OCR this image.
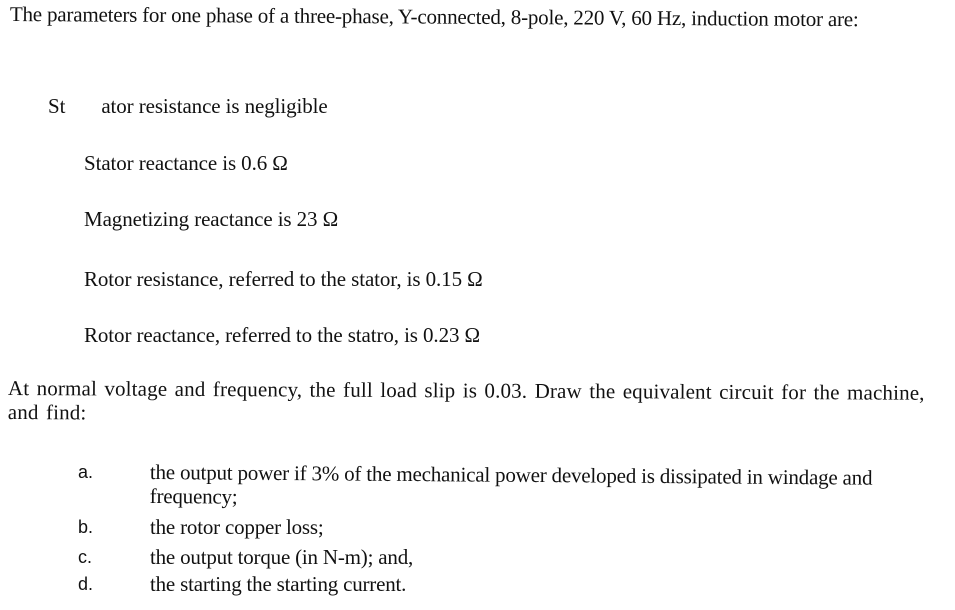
The parameters for one phase of a three-phase, Y-connected, 8-pole, 220 V, 60 Hz, induction motor are:
St ator resistance is negligible
Stator reactance is 0.6 Ω
Magnetizing reactance is 23 Ω
Rotor resistance, referred to the stator, is 0.15 Ω
Rotor reactance, referred to the statro, is 0.23 Ω
At normal voltage and frequency, the full load slip is 0.03. Draw the equivalent circuit for the machine, and find:
a.	the output power if 3% of the mechanical power developed is dissipated in windage and frequency;
b.	the rotor copper loss;
c.	the output torque (in N-m); and,
d.	the starting the starting current.
